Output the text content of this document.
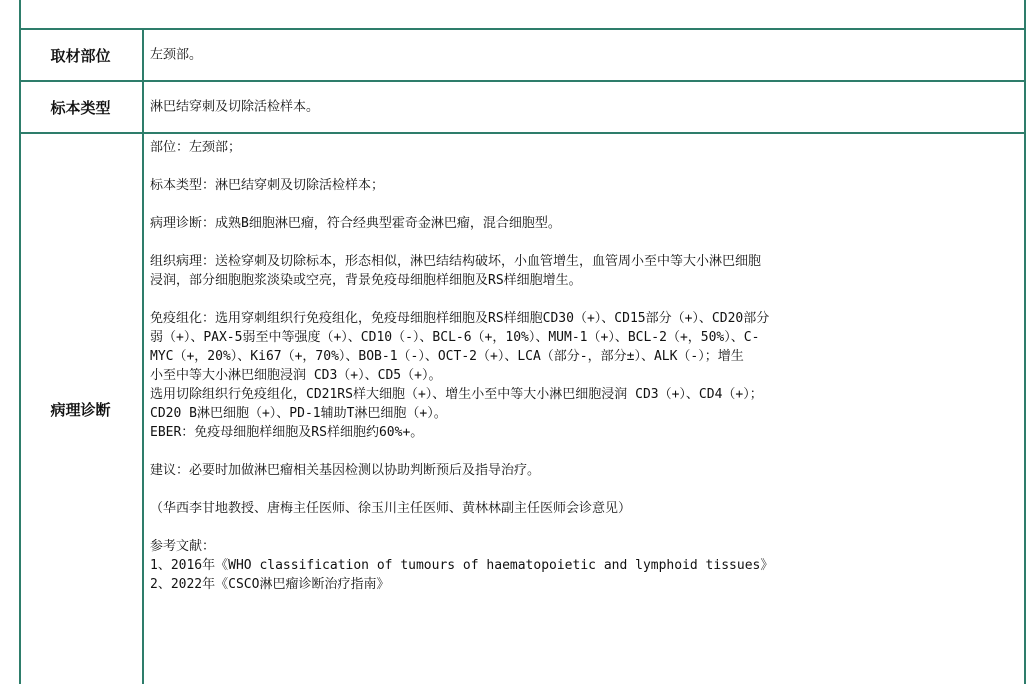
取材部位	左颈部。
标本类型	淋巴结穿刺及切除活检样本。
病理诊断

部位：左颈部；

标本类型：淋巴结穿刺及切除活检样本；

病理诊断：成熟B细胞淋巴瘤，符合经典型霍奇金淋巴瘤，混合细胞型。

组织病理：送检穿刺及切除标本，形态相似，淋巴结结构破坏，小血管增生，血管周小至中等大小淋巴细胞

浸润，部分细胞胞浆淡染或空亮，背景免疫母细胞样细胞及RS样细胞增生。

免疫组化：选用穿刺组织行免疫组化，免疫母细胞样细胞及RS样细胞CD30（+）、CD15部分（+）、CD20部分

弱（+）、PAX-5弱至中等强度（+）、CD10（-）、BCL-6（+，10%）、MUM-1（+）、BCL-2（+，50%）、C-

MYC（+，20%）、Ki67（+，70%）、BOB-1（-）、OCT-2（+）、LCA（部分-，部分±）、ALK（-）；增生

小至中等大小淋巴细胞浸润 CD3（+）、CD5（+）。

选用切除组织行免疫组化，CD21RS样大细胞（+）、增生小至中等大小淋巴细胞浸润 CD3（+）、CD4（+）；

CD20 B淋巴细胞（+）、PD-1辅助T淋巴细胞（+）。

EBER：免疫母细胞样细胞及RS样细胞约60%+。

建议：必要时加做淋巴瘤相关基因检测以协助判断预后及指导治疗。

（华西李甘地教授、唐梅主任医师、徐玉川主任医师、黄林林副主任医师会诊意见）

参考文献：

1、2016年《WHO classification of tumours of haematopoietic and lymphoid tissues》

2、2022年《CSCO淋巴瘤诊断治疗指南》
